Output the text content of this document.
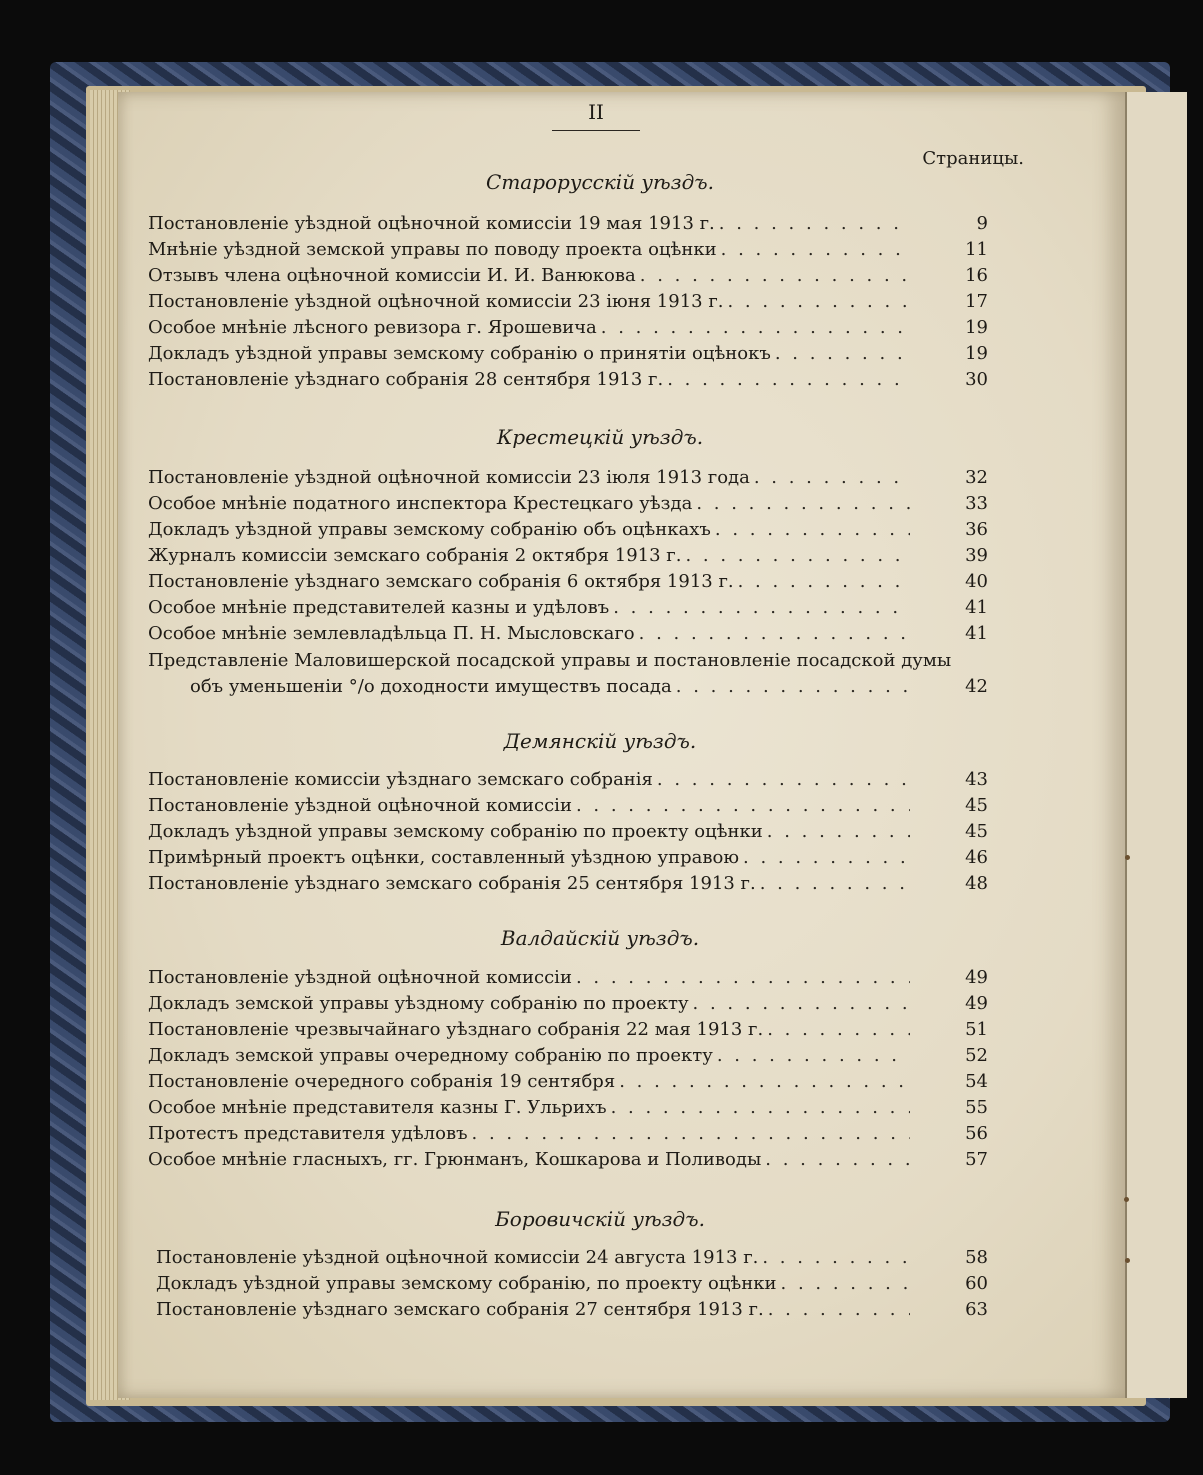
II
Страницы.
Старорусскiй уѣздъ.
Постановленiе уѣздной оцѣночной комиссiи 19 мая 1913 г. . . .	9
Мнѣнiе уѣздной земской управы по поводу проекта оцѣнки . . .	11
Отзывъ члена оцѣночной комиссiи И. И. Ванюкова . . .	16
Постановленiе уѣздной оцѣночной комиссiи 23 iюня 1913 г. . . .	17
Особое мнѣнiе лѣсного ревизора г. Ярошевича . . .	19
Докладъ уѣздной управы земскому собранiю о принятiи оцѣнокъ . . .	19
Постановленiе уѣзднаго собранiя 28 сентября 1913 г. . . .	30
Крестецкiй уѣздъ.
Постановленiе уѣздной оцѣночной комиссiи 23 iюля 1913 года . . .	32
Особое мнѣнiе податного инспектора Крестецкаго уѣзда . . .	33
Докладъ уѣздной управы земскому собранiю объ оцѣнкахъ . . .	36
Журналъ комиссiи земскаго собранiя 2 октября 1913 г. . . .	39
Постановленiе уѣзднаго земскаго собранiя 6 октября 1913 г. . . .	40
Особое мнѣнiе представителей казны и удѣловъ . . .	41
Особое мнѣнiе землевладѣльца П. Н. Мысловскаго . . .	41
Представленiе Маловишерской посадской управы и постановленiе посадской думы
объ уменьшенiи °/o доходности имуществъ посада . . .	42
Демянскiй уѣздъ.
Постановленiе комиссiи уѣзднаго земскаго собранiя . . .	43
Постановленiе уѣздной оцѣночной комиссiи . . .	45
Докладъ уѣздной управы земскому собранiю по проекту оцѣнки . . .	45
Примѣрный проектъ оцѣнки, составленный уѣздною управою . . .	46
Постановленiе уѣзднаго земскаго собранiя 25 сентября 1913 г. . . .	48
Валдайскiй уѣздъ.
Постановленiе уѣздной оцѣночной комиссiи . . .	49
Докладъ земской управы уѣздному собранiю по проекту . . .	49
Постановленiе чрезвычайнаго уѣзднаго собранiя 22 мая 1913 г. . . .	51
Докладъ земской управы очередному собранiю по проекту . . .	52
Постановленiе очередного собранiя 19 сентября . . .	54
Особое мнѣнiе представителя казны Г. Ульрихъ . . .	55
Протестъ представителя удѣловъ . . .	56
Особое мнѣнiе гласныхъ, гг. Грюнманъ, Кошкарова и Поливоды . . .	57
Боровичскiй уѣздъ.
Постановленiе уѣздной оцѣночной комиссiи 24 августа 1913 г. . . .	58
Докладъ уѣздной управы земскому собранiю, по проекту оцѣнки . . .	60
Постановленiе уѣзднаго земскаго собранiя 27 сентября 1913 г. . . .	63
